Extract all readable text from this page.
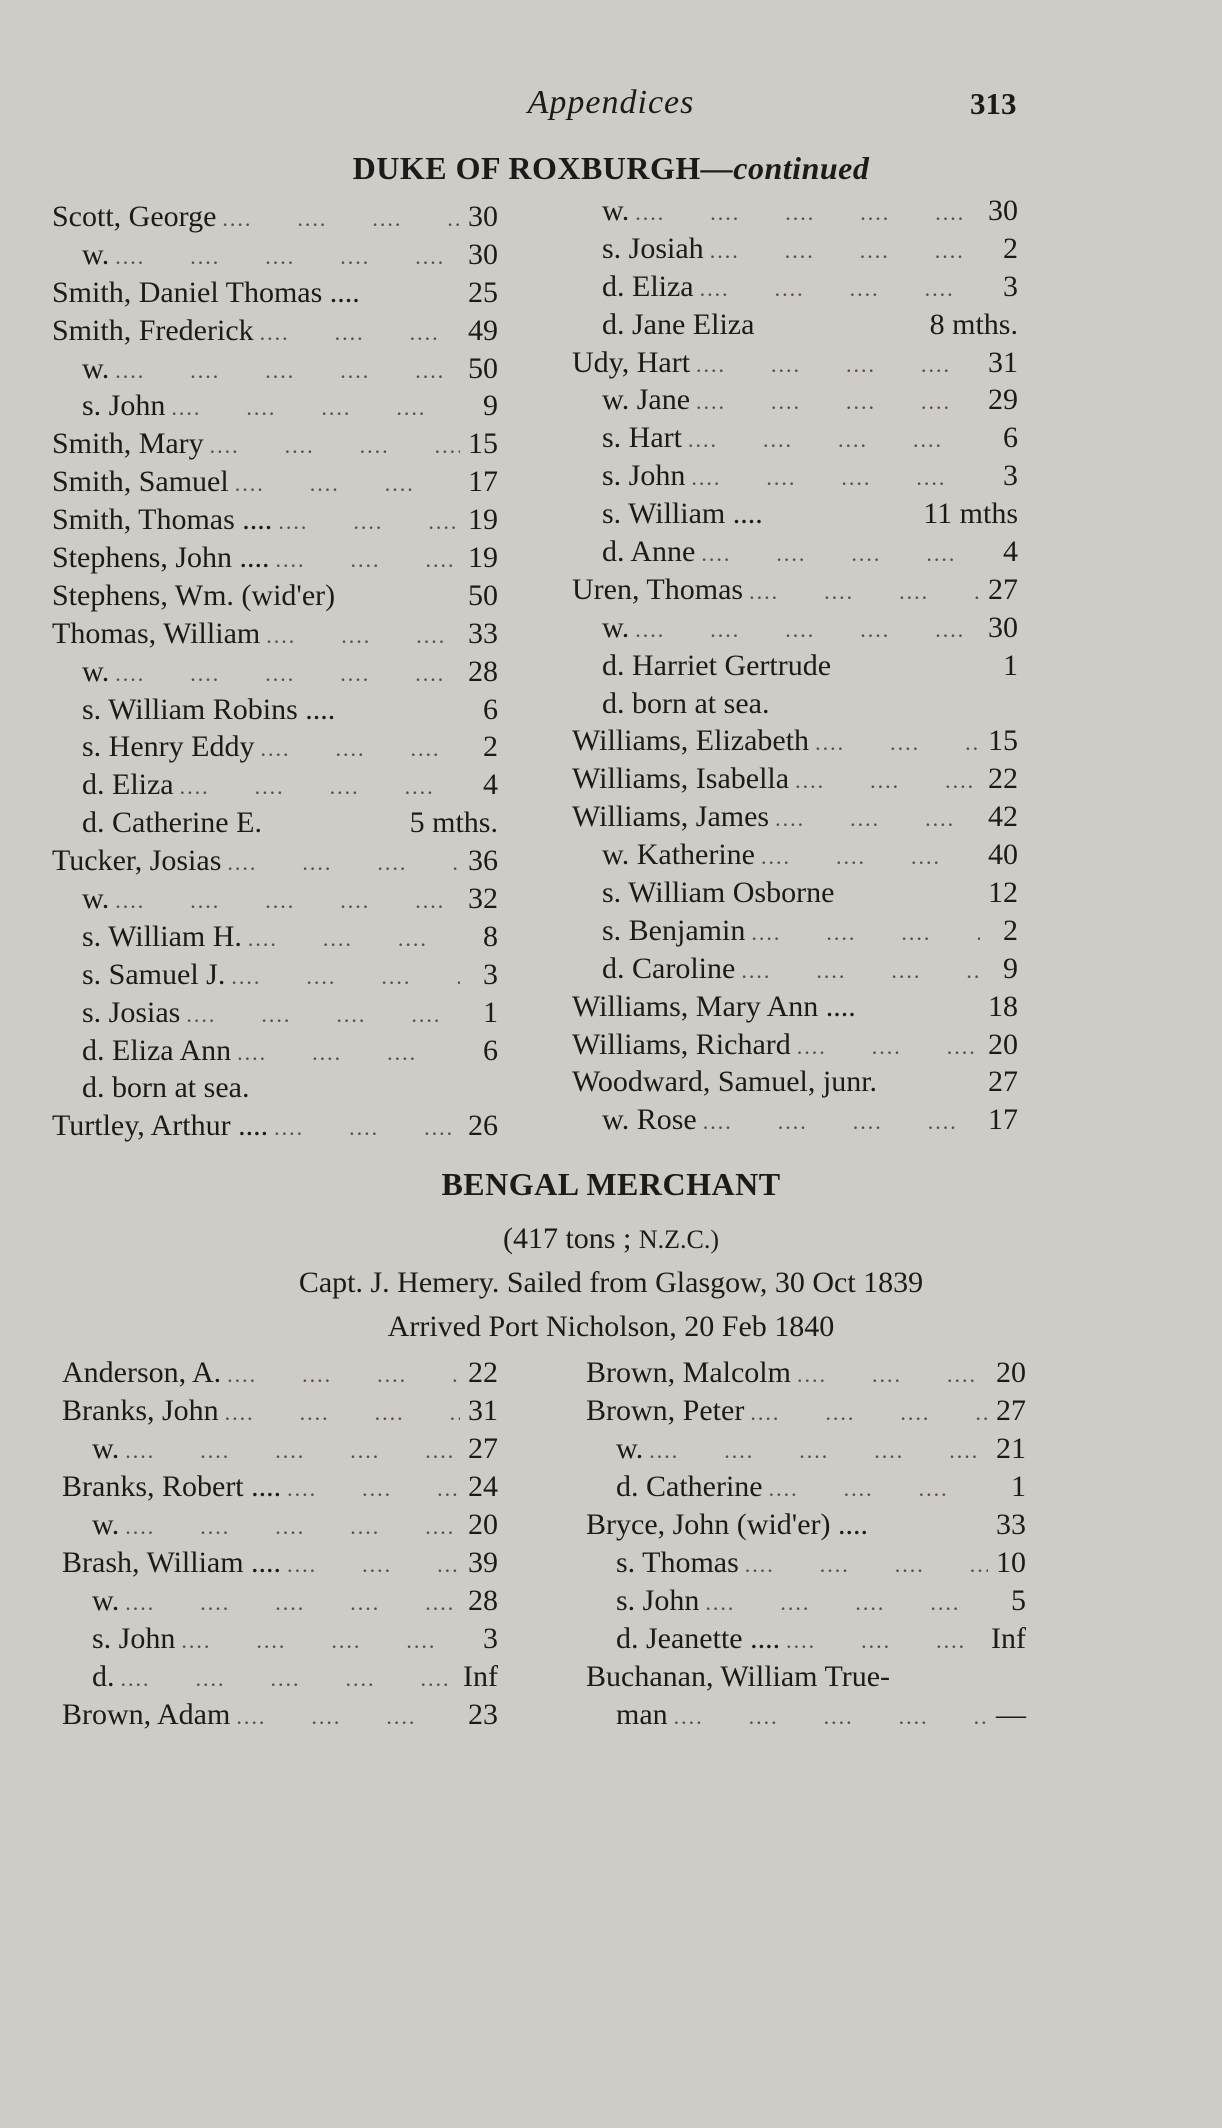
Appendices	313
DUKE OF ROXBURGH—continued
Scott, George ....	30
w. ....	30
Smith, Daniel Thomas ....	25
Smith, Frederick ....	49
w. ....	50
s. John ....	9
Smith, Mary ....	15
Smith, Samuel ....	17
Smith, Thomas .... ....	19
Stephens, John .... ....	19
Stephens, Wm. (wid'er)	50
Thomas, William ....	33
w. ....	28
s. William Robins ....	6
s. Henry Eddy ....	2
d. Eliza ....	4
d. Catherine E.	5 mths.
Tucker, Josias ....	36
w. ....	32
s. William H. ....	8
s. Samuel J. ....	3
s. Josias ....	1
d. Eliza Ann ....	6
d. born at sea.
Turtley, Arthur .... ....	26
w. ....	30
s. Josiah ....	2
d. Eliza ....	3
d. Jane Eliza	8 mths.
Udy, Hart ....	31
w. Jane ....	29
s. Hart ....	6
s. John ....	3
s. William ....	11 mths
d. Anne ....	4
Uren, Thomas ....	27
w. ....	30
d. Harriet Gertrude	1
d. born at sea.
Williams, Elizabeth ....	15
Williams, Isabella ....	22
Williams, James ....	42
w. Katherine ....	40
s. William Osborne	12
s. Benjamin ....	2
d. Caroline ....	9
Williams, Mary Ann ....	18
Williams, Richard ....	20
Woodward, Samuel, junr.	27
w. Rose ....	17
BENGAL MERCHANT
(417 tons ; N.Z.C.)
Capt. J. Hemery. Sailed from Glasgow, 30 Oct 1839
Arrived Port Nicholson, 20 Feb 1840
Anderson, A. ....	22
Branks, John ....	31
w. ....	27
Branks, Robert .... ....	24
w. ....	20
Brash, William .... ....	39
w. ....	28
s. John ....	3
d. ....	Inf
Brown, Adam ....	23
Brown, Malcolm ....	20
Brown, Peter ....	27
w. ....	21
d. Catherine ....	1
Bryce, John (wid'er) ....	33
s. Thomas ....	10
s. John ....	5
d. Jeanette .... ....	Inf
Buchanan, William True-
man ....	—
